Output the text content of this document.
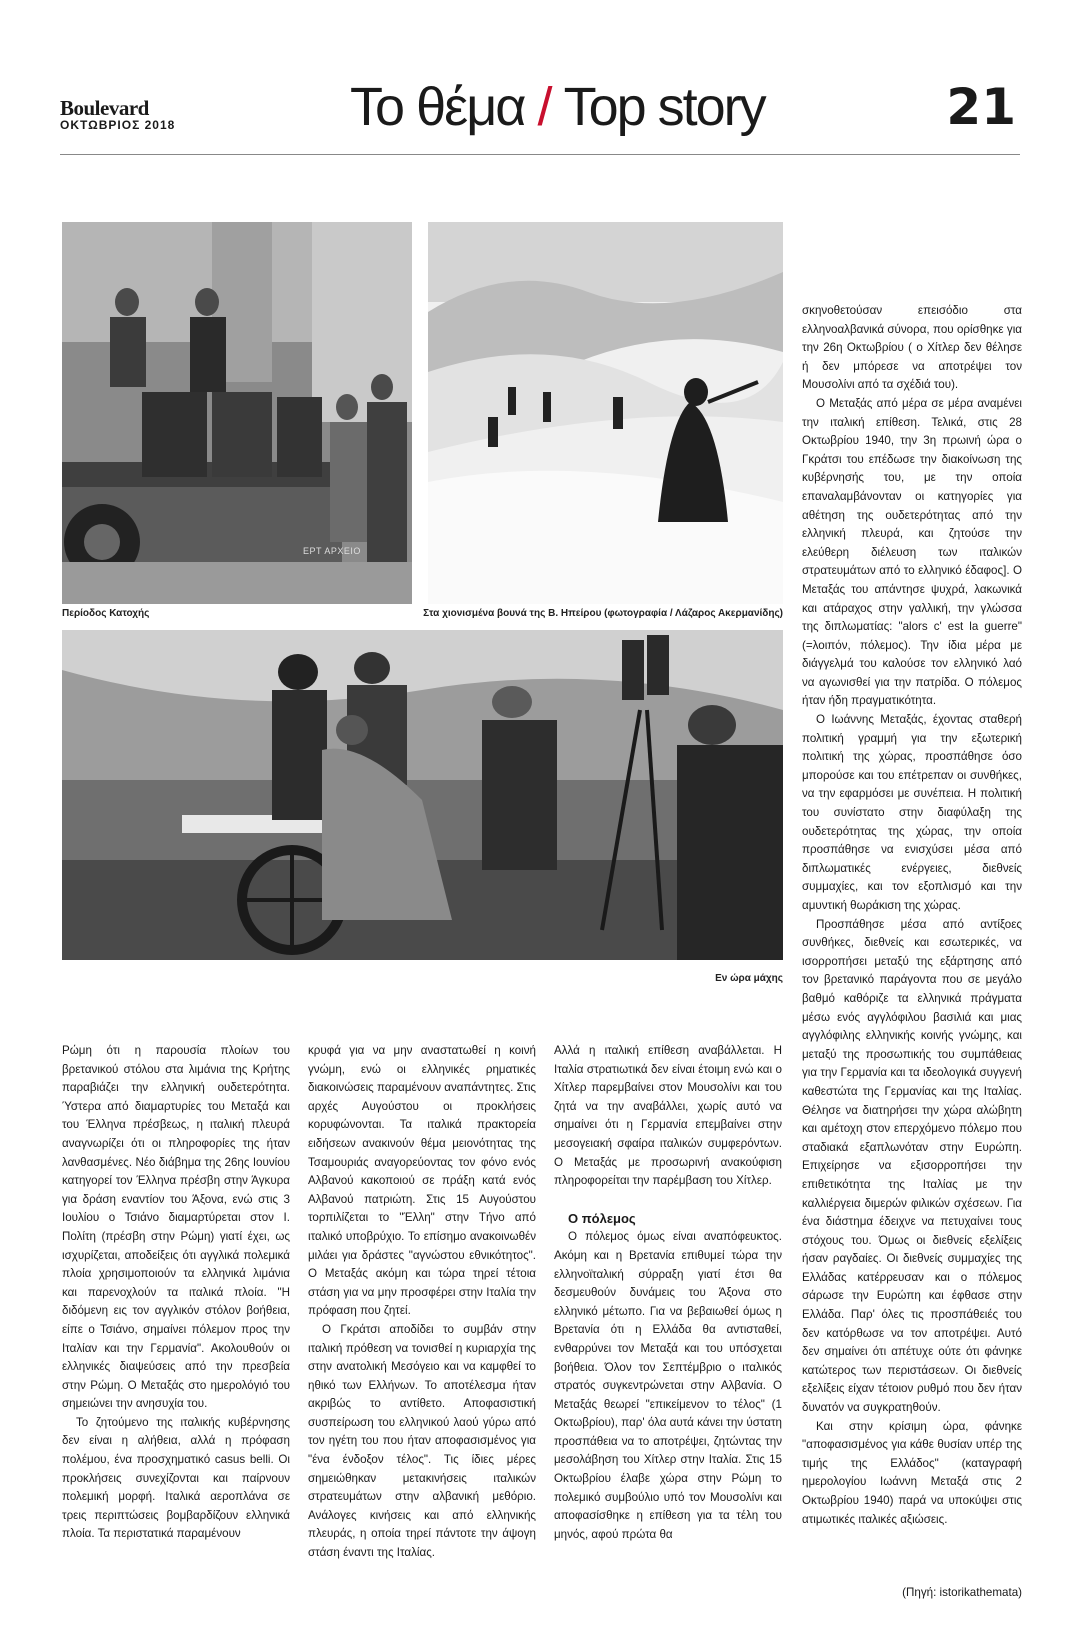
Boulevard
ΟΚΤΩΒΡΙΟΣ 2018	Το θέμα / Top story	21
ΕΡΤ ΑΡΧΕΙΟ
Περίοδος Κατοχής	Στα χιονισμένα βουνά της Β. Ηπείρου (φωτογραφία / Λάζαρος Ακερμανίδης)
Εν ώρα μάχης

Ρώμη ότι η παρουσία πλοίων του βρετανικού στόλου στα λιμάνια της Κρήτης παραβιάζει την ελληνική ουδετερότητα. Ύστερα από διαμαρτυρίες του Μεταξά και του Έλληνα πρέσβεως, η ιταλική πλευρά αναγνωρίζει ότι οι πληροφορίες της ήταν λανθασμένες. Νέο διάβημα της 26ης Ιουνίου κατηγορεί τον Έλληνα πρέσβη στην Άγκυρα για δράση εναντίον του Άξονα, ενώ στις 3 Ιουλίου ο Τσιάνο διαμαρτύρεται στον Ι. Πολίτη (πρέσβη στην Ρώμη) γιατί έχει, ως ισχυρίζεται, αποδείξεις ότι αγγλικά πολεμικά πλοία χρησιμοποιούν τα ελληνικά λιμάνια και παρενοχλούν τα ιταλικά πλοία. "Η διδόμενη εις τον αγγλικόν στόλον βοήθεια, είπε ο Τσιάνο, σημαίνει πόλεμον προς την Ιταλίαν και την Γερμανία". Ακολουθούν οι ελληνικές διαψεύσεις από την πρεσβεία στην Ρώμη. Ο Μεταξάς στο ημερολόγιό του σημειώνει την ανησυχία του.

Το ζητούμενο της ιταλικής κυβέρνησης δεν είναι η αλήθεια, αλλά η πρόφαση πολέμου, ένα προσχηματικό casus belli. Οι προκλήσεις συνεχίζονται και παίρνουν πολεμική μορφή. Ιταλικά αεροπλάνα σε τρεις περιπτώσεις βομβαρδίζουν ελληνικά πλοία. Τα περιστατικά παραμένουν

κρυφά για να μην αναστατωθεί η κοινή γνώμη, ενώ οι ελληνικές ρηματικές διακοινώσεις παραμένουν αναπάντητες. Στις αρχές Αυγούστου οι προκλήσεις κορυφώνονται. Τα ιταλικά πρακτορεία ειδήσεων ανακινούν θέμα μειονότητας της Τσαμουριάς αναγορεύοντας τον φόνο ενός Αλβανού κακοποιού σε πράξη κατά ενός Αλβανού πατριώτη. Στις 15 Αυγούστου τορπιλίζεται το "Έλλη" στην Τήνο από ιταλικό υποβρύχιο. Το επίσημο ανακοινωθέν μιλάει για δράστες "αγνώστου εθνικότητος". Ο Μεταξάς ακόμη και τώρα τηρεί τέτοια στάση για να μην προσφέρει στην Ιταλία την πρόφαση που ζητεί.

Ο Γκράτσι αποδίδει το συμβάν στην ιταλική πρόθεση να τονισθεί η κυριαρχία της στην ανατολική Μεσόγειο και να καμφθεί το ηθικό των Ελλήνων. Το αποτέλεσμα ήταν ακριβώς το αντίθετο. Αποφασιστική συσπείρωση του ελληνικού λαού γύρω από τον ηγέτη του που ήταν αποφασισμένος για "ένα ένδοξον τέλος". Τις ίδιες μέρες σημειώθηκαν μετακινήσεις ιταλικών στρατευμάτων στην αλβανική μεθόριο. Ανάλογες κινήσεις και από ελληνικής πλευράς, η οποία τηρεί πάντοτε την άψογη στάση έναντι της Ιταλίας.

Αλλά η ιταλική επίθεση αναβάλλεται. Η Ιταλία στρατιωτικά δεν είναι έτοιμη ενώ και ο Χίτλερ παρεμβαίνει στον Μουσολίνι και του ζητά να την αναβάλλει, χωρίς αυτό να σημαίνει ότι η Γερμανία επεμβαίνει στην μεσογειακή σφαίρα ιταλικών συμφερόντων. Ο Μεταξάς με προσωρινή ανακούφιση πληροφορείται την παρέμβαση του Χίτλερ.

Ο πόλεμος

Ο πόλεμος όμως είναι αναπόφευκτος. Ακόμη και η Βρετανία επιθυμεί τώρα την ελληνοϊταλική σύρραξη γιατί έτσι θα δεσμευθούν δυνάμεις του Άξονα στο ελληνικό μέτωπο. Για να βεβαιωθεί όμως η Βρετανία ότι η Ελλάδα θα αντισταθεί, ενθαρρύνει τον Μεταξά και του υπόσχεται βοήθεια. Όλον τον Σεπτέμβριο ο ιταλικός στρατός συγκεντρώνεται στην Αλβανία. Ο Μεταξάς θεωρεί "επικείμενον το τέλος" (1 Οκτωβρίου), παρ' όλα αυτά κάνει την ύστατη προσπάθεια να το αποτρέψει, ζητώντας την μεσολάβηση του Χίτλερ στην Ιταλία. Στις 15 Οκτωβρίου έλαβε χώρα στην Ρώμη το πολεμικό συμβούλιο υπό τον Μουσολίνι και αποφασίσθηκε η επίθεση για τα τέλη του μηνός, αφού πρώτα θα

σκηνοθετούσαν επεισόδιο στα ελληνοαλβανικά σύνορα, που ορίσθηκε για την 26η Οκτωβρίου ( ο Χίτλερ δεν θέλησε ή δεν μπόρεσε να αποτρέψει τον Μουσολίνι από τα σχέδιά του).

Ο Μεταξάς από μέρα σε μέρα αναμένει την ιταλική επίθεση. Τελικά, στις 28 Οκτωβρίου 1940, την 3η πρωινή ώρα ο Γκράτσι του επέδωσε την διακοίνωση της κυβέρνησής του, με την οποία επαναλαμβάνονταν οι κατηγορίες για αθέτηση της ουδετερότητας από την ελληνική πλευρά, και ζητούσε την ελεύθερη διέλευση των ιταλικών στρατευμάτων από το ελληνικό έδαφος]. Ο Μεταξάς του απάντησε ψυχρά, λακωνικά και ατάραχος στην γαλλική, την γλώσσα της διπλωματίας: "alors c' est la guerre" (=λοιπόν, πόλεμος). Την ίδια μέρα με διάγγελμά του καλούσε τον ελληνικό λαό να αγωνισθεί για την πατρίδα. Ο πόλεμος ήταν ήδη πραγματικότητα.

Ο Ιωάννης Μεταξάς, έχοντας σταθερή πολιτική γραμμή για την εξωτερική πολιτική της χώρας, προσπάθησε όσο μπορούσε και του επέτρεπαν οι συνθήκες, να την εφαρμόσει με συνέπεια. Η πολιτική του συνίστατο στην διαφύλαξη της ουδετερότητας της χώρας, την οποία προσπάθησε να ενισχύσει μέσα από διπλωματικές ενέργειες, διεθνείς συμμαχίες, και τον εξοπλισμό και την αμυντική θωράκιση της χώρας.

Προσπάθησε μέσα από αντίξοες συνθήκες, διεθνείς και εσωτερικές, να ισορροπήσει μεταξύ της εξάρτησης από τον βρετανικό παράγοντα που σε μεγάλο βαθμό καθόριζε τα ελληνικά πράγματα μέσω ενός αγγλόφιλου βασιλιά και μιας αγγλόφιλης ελληνικής κοινής γνώμης, και μεταξύ της προσωπικής του συμπάθειας για την Γερμανία και τα ιδεολογικά συγγενή καθεστώτα της Γερμανίας και της Ιταλίας. Θέλησε να διατηρήσει την χώρα αλώβητη και αμέτοχη στον επερχόμενο πόλεμο που σταδιακά εξαπλωνόταν στην Ευρώπη. Επιχείρησε να εξισορροπήσει την επιθετικότητα της Ιταλίας με την καλλιέργεια διμερών φιλικών σχέσεων. Για ένα διάστημα έδειχνε να πετυχαίνει τους στόχους του. Όμως οι διεθνείς εξελίξεις ήσαν ραγδαίες. Οι διεθνείς συμμαχίες της Ελλάδας κατέρρευσαν και ο πόλεμος σάρωσε την Ευρώπη και έφθασε στην Ελλάδα. Παρ' όλες τις προσπάθειές του δεν κατόρθωσε να τον αποτρέψει. Αυτό δεν σημαίνει ότι απέτυχε ούτε ότι φάνηκε κατώτερος των περιστάσεων. Οι διεθνείς εξελίξεις είχαν τέτοιον ρυθμό που δεν ήταν δυνατόν να συγκρατηθούν.

Και στην κρίσιμη ώρα, φάνηκε "αποφασισμένος για κάθε θυσίαν υπέρ της τιμής της Ελλάδος" (καταγραφή ημερολογίου Ιωάννη Μεταξά στις 2 Οκτωβρίου 1940) παρά να υποκύψει στις ατιμωτικές ιταλικές αξιώσεις.

(Πηγή: istorikathemata)
